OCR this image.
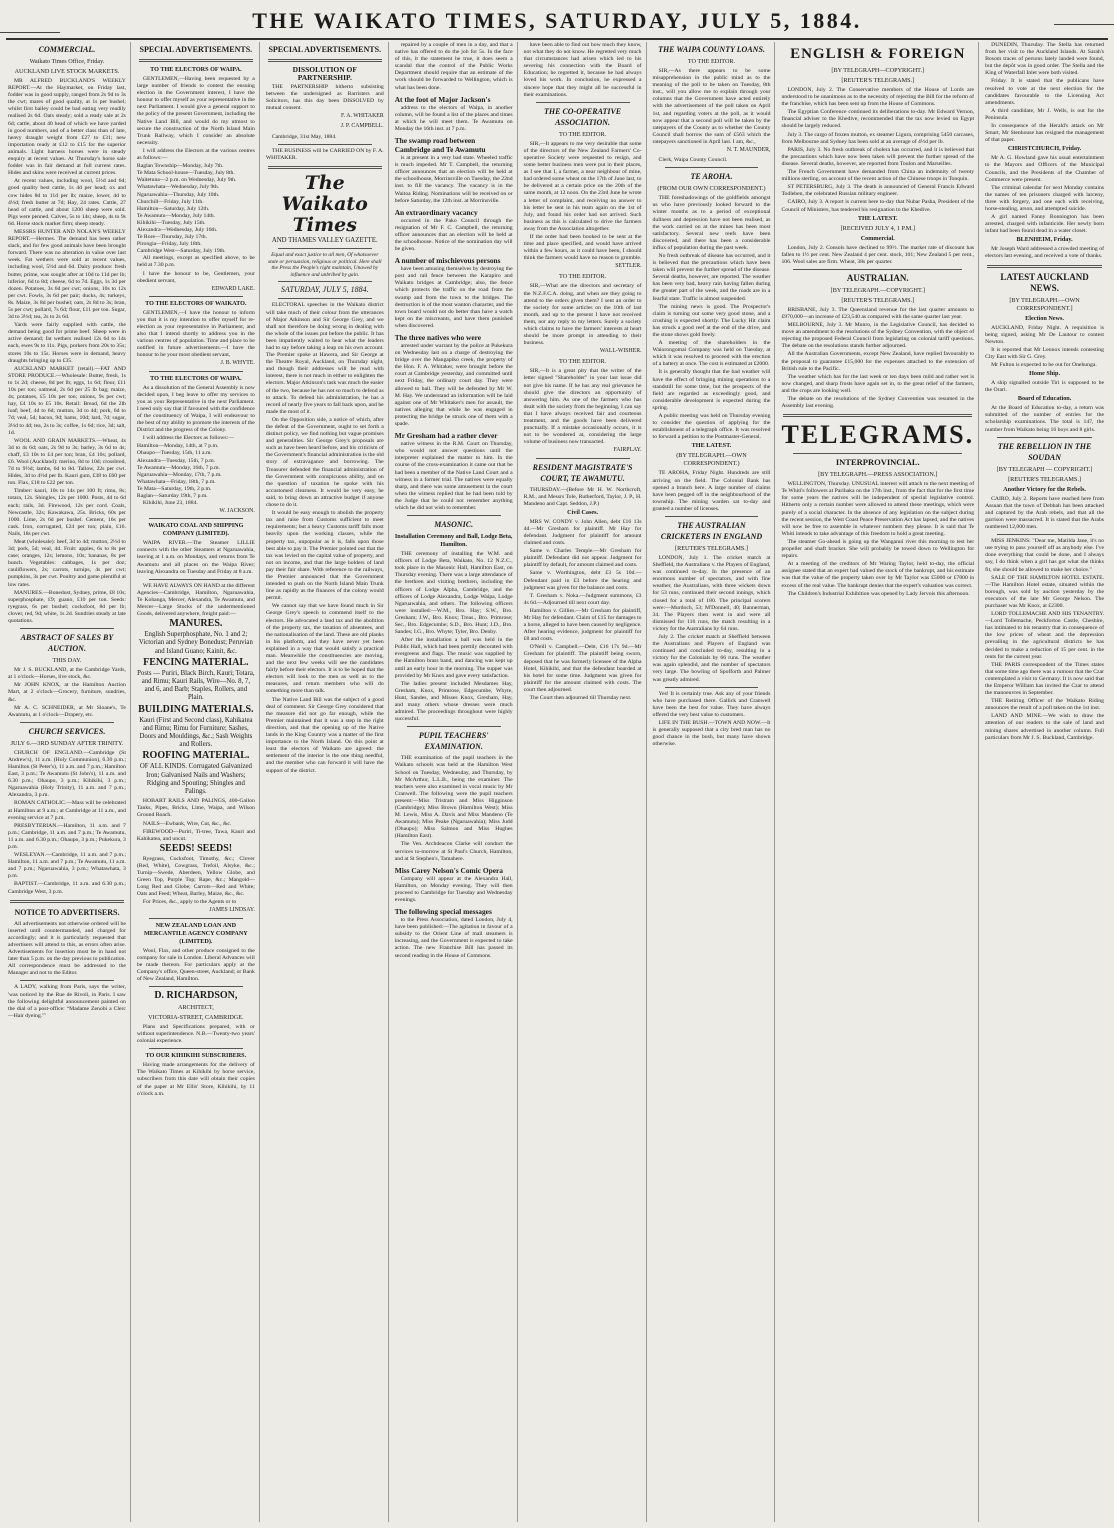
THE WAIKATO TIMES, SATURDAY, JULY 5, 1884.
COMMERCIAL.
Waikato Times Office, Friday.
AUCKLAND LIVE STOCK MARKETS.
MR ALFRED BUCKLAND'S WEEKLY REPORT.—At the Haymarket, on Friday last, fodder was in good supply, ranged from 2s 9d to 3s the cwt; mares of good quality, at 1s per bushel; whilst first bailey could be bad eating very readily realised 2s 6d. Oats steady; sold a ready sale at 2s 6d; cattle, about 40 head of which we have yarded in good numbers, and of a better class than of late, heavy draught weight from £27 to £31; new importation ready at £12 to £15 for the superior animals. Light harness horses were in steady enquiry at recent values. At Thursday's horse sale fodder was in fair demand at full current rates. Hides and skins were received at current prices.
At recent values, including wool, 5½d and 6d; good quality best cattle, 1s 4d per head; ox and cow hides 8d to 11d per lb; maize, lower, 4d to 4½d; fresh butter at 7d; Hay, 24 rates. Cattle, 27 head of cattle, and about 1200 sheep were sold. Pigs were penned. Calves, 5s to 14s; sheep, 4s to 9s 6d. Horse stock market firm; sheep steady.
MESSRS HUNTER AND NOLAN'S WEEKLY REPORT.—Hermes. The demand has been rather slack, and for few good animals have been brought forward. There was no alteration in value over last week. Fat wethers were sold at recent values, including wool, 5½d and 6d. Dairy produce: fresh butter, prime, was sought after at 10d to 11d per lb; inferior, 6d to 8d; cheese, 6d to 7d. Eggs, 1s 3d per dozen. Potatoes, 3s 6d per cwt; onions, 10s to 12s per cwt. Fowls, 3s 6d per pair; ducks, 4s; turkeys, 8s. Maize, 3s 8d per bushel; oats, 2s 8d to 3s; bran, 5s per cwt; pollard, 7s 6d; flour, £11 per ton. Sugar, 3d to 3½d; tea, 2s to 2s 6d.
Yards were fairly supplied with cattle, the demand being good for prime beef. Sheep were in active demand; fat wethers realised 12s 6d to 14s each, ewes 9s to 11s. Pigs, porkers from 20s to 35s; stores 10s to 15s. Horses were in demand, heavy draughts bringing up to £35.
AUCKLAND MARKET (retail).—FAT AND STORE PRODUCE.—Wholesale: Butter, fresh, 1s to 1s 2d; cheese, 8d per lb; eggs, 1s 6d; flour, £11 10s per ton; oatmeal, 2s 6d per 25 lb bag; maize, 4s; potatoes, £5 10s per ton; onions, 9s per cwt; hay, £4 10s to £5 10s. Retail: Bread, 6d the 2lb loaf; beef, 4d to 6d; mutton, 3d to 4d; pork, 6d to 7d; veal, 5d; bacon, 9d; hams, 10d; lard, 7d; sugar, 3½d to 4d; tea, 2s to 3s; coffee, 1s 6d; rice, 3d; salt, 1d.
WOOL AND GRAIN MARKETS.—Wheat, 4s 3d to 4s 6d; oats, 2s 9d to 3s; barley, 3s 6d to 4s; chaff, £3 10s to £4 per ton; bran, £4 10s; pollard, £6. Wool (Auckland): merino, 8d to 10d; crossbred, 7d to 9½d; lambs, 6d to 8d. Tallow, 22s per cwt. Hides, 3d to 4½d per lb. Kauri gum, £38 to £60 per ton. Flax, £18 to £22 per ton.
Timber: kauri, 10s to 14s per 100 ft; rimu, 8s; totara, 12s. Shingles, 12s per 1000. Posts, 4d to 6d each; rails, 3d. Firewood, 12s per cord. Coals, Newcastle, 32s; Kawakawa, 25s. Bricks, 60s per 1000. Lime, 2s 6d per bushel. Cement, 16s per cask. Iron, corrugated, £24 per ton; plain, £16. Nails, 18s per cwt.
Meat (wholesale): beef, 3d to 4d; mutton, 2½d to 3d; pork, 5d; veal, 4d. Fruit: apples, 6s to 8s per case; oranges, 12s; lemons, 10s; bananas, 8s per bunch. Vegetables: cabbages, 1s per doz; cauliflowers, 2s; carrots, turnips, 4s per cwt; pumpkins, 3s per cwt. Poultry and game plentiful at low rates.
MANURES.—Bonedust, Sydney, prime, £8 10s; superphosphate, £9; guano, £10 per ton. Seeds: ryegrass, 6s per bushel; cocksfoot, 8d per lb; clover, red, 9d; white, 1s 2d. Sundries steady at late quotations.
ABSTRACT OF SALES BY AUCTION.
THIS DAY.
Mr J. S. BUCKLAND, at the Cambridge Yards, at 1 o'clock—Horses, live stock, &c.
Mr JOHN KNOX, at the Hamilton Auction Mart, at 2 o'clock—Grocery, furniture, sundries, &c.
Mr A. C. SCHNEIDER, at Mr Sloane's, Te Awamutu, at 1 o'clock—Drapery, etc.
CHURCH SERVICES.
JULY 6.—3RD SUNDAY AFTER TRINITY.
CHURCH OF ENGLAND.—Cambridge (St Andrew's), 11 a.m. (Holy Communion), 6.30 p.m.; Hamilton (St Peter's), 11 a.m. and 7 p.m.; Hamilton East, 3 p.m.; Te Awamutu (St John's), 11 a.m. and 6.30 p.m.; Ohaupo, 3 p.m.; Kihikihi, 3 p.m.; Ngaruawahia (Holy Trinity), 11 a.m. and 7 p.m.; Alexandra, 3 p.m.
ROMAN CATHOLIC.—Mass will be celebrated at Hamilton at 9 a.m.; at Cambridge at 11 a.m., and evening service at 7 p.m.
PRESBYTERIAN.—Hamilton, 11 a.m. and 7 p.m.; Cambridge, 11 a.m. and 7 p.m.; Te Awamutu, 11 a.m. and 6.30 p.m.; Ohaupo, 3 p.m.; Pukekura, 3 p.m.
WESLEYAN.—Cambridge, 11 a.m. and 7 p.m.; Hamilton, 11 a.m. and 7 p.m.; Te Awamutu, 11 a.m. and 7 p.m.; Ngaruawahia, 3 p.m.; Whatawhata, 3 p.m.
BAPTIST.—Cambridge, 11 a.m. and 6.30 p.m.; Cambridge West, 3 p.m.
NOTICE TO ADVERTISERS.
All advertisements not otherwise ordered will be inserted until countermanded, and charged for accordingly; and it is particularly requested that advertisers will attend to this, as errors often arise. Advertisements for insertion must be in hand not later than 5 p.m. on the day previous to publication. All correspondence must be addressed to the Manager and not to the Editor.
A LADY, walking from Paris, says the writer, 'was noticed by the Rue de Rivoli, in Paris. I saw the following delightful announcement painted on the dial of a post-office: “Madame Zenobi a Clerc—Hair dyeing.”'
SPECIAL ADVERTISEMENTS.
TO THE ELECTORS OF WAIPA.
GENTLEMEN,—Having been requested by a large number of friends to contest the ensuing election in the Government interest, I have the honour to offer myself as your representative in the next Parliament. I would give a general support to the policy of the present Government, including the Native Land Bill, and would do my utmost to secure the construction of the North Island Main Trunk Railway, which I consider an absolute necessity.
I will address the Electors at the various centres as follows:—
Raglan Township—Monday, July 7th.
Te Mata School-house—Tuesday, July 8th.
Waitetuna—2 p.m. on Wednesday, July 9th.
Whatawhata—Wednesday, July 9th.
Ngaruawahia—Thursday, July 10th.
Churchill—Friday, July 11th.
Hamilton—Saturday, July 12th.
Te Awamutu—Monday, July 14th.
Kihikihi—Tuesday, July 15th.
Alexandra—Wednesday, July 16th.
Te Rore—Thursday, July 17th.
Pirongia—Friday, July 18th.
Cambridge West—Saturday, July 19th.
All meetings, except as specified above, to be held at 7.30 p.m.
I have the honour to be, Gentlemen, your obedient servant,
EDWARD LAKE.
TO THE ELECTORS OF WAIKATO.
GENTLEMEN,—I have the honour to inform you that it is my intention to offer myself for re-election as your representative in Parliament, and also that I intend shortly to address you in the various centres of population. Time and place to be notified in future advertisements.—I have the honour to be your most obedient servant,
J. B. WHYTE.
TO THE ELECTORS OF WAIPA.
As a dissolution of the General Assembly is now decided upon, I beg leave to offer my services to you as your Representative in the next Parliament. I need only say that if favoured with the confidence of the constituency of Waipa, I will endeavour to the best of my ability to promote the interests of the District and the progress of the Colony.
I will address the Electors as follows:—
Hamilton—Monday, 14th, at 7 p.m.
Ohaupo—Tuesday, 15th, 11 a.m.
Alexandra—Tuesday, 15th, 7 p.m.
Te Awamutu—Monday, 16th, 7 p.m.
Ngaruawahia—Monday, 17th, 7 p.m.
Whatawhata—Friday, 18th, 7 p.m.
Te Mata—Saturday, 19th, 2 p.m.
Raglan—Saturday 19th, 7 p.m.
Kihikihi, June 23, 1884.
W. JACKSON.
WAIKATO COAL AND SHIPPING COMPANY (LIMITED).
WAIPA RIVER.—The Steamer LILLIE connects with the other Steamers at Ngaruawahia, leaving at 1 a.m. on Mondays, and returns from Te Awamutu and all places on the Waipa River; leaving Alexandra on Tuesday and Friday at 8 a.m.
WE HAVE ALWAYS ON HAND at the different Agencies—Cambridge, Hamilton, Ngaruawahia, Te Kohanga, Mercer, Alexandra, Te Awamutu, and Mercer—Large Stocks of the undermentioned Goods, delivered anywhere, freight paid:—
MANURES.
English Superphosphate, No. 1 and 2; Victorian and Sydney Bonedust; Peruvian and Island Guano; Kainit, &c.
FENCING MATERIAL.
Posts — Puriri, Black Birch, Kauri; Totara, and Rimu; Kauri Rails, Wire—No. 8, 7, and 6, and Barb; Staples, Rollers, and Plain.
BUILDING MATERIALS.
Kauri (First and Second class), Kahikatea and Rimu; Rimu for Furniture; Sashes, Doors and Mouldings, &c.; Sash Weights and Rollers.
ROOFING MATERIAL.
OF ALL KINDS. Corrugated Galvanized Iron; Galvanised Nails and Washers; Ridging and Spouting; Shingles and Palings.
HOBART RAILS AND PALINGS, 400-Gallon Tanks, Pipes, Bricks, Lime, Waipa, and Wilson Ground Roach.
NAILS—Ewbank, Wire, Cut, &c., &c.
FIREWOOD—Puriri, Ti-tree, Tawa, Kauri and Kahikatea, and uncut.
SEEDS! SEEDS!
Ryegrass, Cocksfoot, Timothy, &c.; Clover (Red, White), Cowgrass, Trefoil, Alsyke, &c.; Turnip—Swede, Aberdeen, Yellow Globe, and Green Top, Purple Top; Rape, &c.; Mangold—Long Red and Globe; Carrots—Red and White; Oats and Feed; Wheat, Barley, Maize, &c., &c.
For Prices, &c., apply to the Agents or to
JAMES LINDSAY.
NEW ZEALAND LOAN AND MERCANTILE AGENCY COMPANY (LIMITED).
Wool, Flax, and other produce consigned to the company for sale in London. Liberal Advances will be made thereon. For particulars apply at the Company's office, Queen-street, Auckland; or Bank of New Zealand, Hamilton.
D. RICHARDSON,
ARCHITECT,
VICTORIA-STREET, CAMBRIDGE.
Plans and Specifications prepared, with or without superintendence. N.B.—Twenty-two years' colonial experience.
TO OUR KIHIKIHI SUBSCRIBERS.
Having made arrangements for the delivery of The Waikato Times at Kihikihi by horse service, subscribers from this date will obtain their copies of the paper at Mr Ellis' Store, Kihikihi, by 11 o'clock a.m.
SPECIAL ADVERTISEMENTS.
DISSOLUTION OF PARTNERSHIP.
THE PARTNERSHIP hitherto subsisting between the undersigned as Barristers and Solicitors, has this day been DISSOLVED by mutual consent.
F. A. WHITAKER
J. P. CAMPBELL.
Cambridge, 31st May, 1884.
THE BUSINESS will be CARRIED ON by F. A. WHITAKER.
The Waikato Times
AND THAMES VALLEY GAZETTE.
Equal and exact justice to all men, Of whatsoever state or persuasion, religious or political. Here shall the Press the People's right maintain, Unawed by influence and unbribed by gain.
SATURDAY, JULY 5, 1884.
ELECTORAL speeches in the Waikato district will take much of their colour from the utterances of Major Atkinson and Sir George Grey, and we shall not therefore be doing wrong in dealing with the whole of the issues put before the public. It has been impatiently waited to hear what the leaders had to say before taking a leap on his own account. The Premier spoke at Hawera, and Sir George at the Theatre Royal, Auckland, on Thursday night, and though their addresses will be read with interest, there is not much in either to enlighten the electors. Major Atkinson's task was much the easier of the two, because he has not so much to defend as to attack. To defend his administration, he has a record of nearly five years to fall back upon, and he made the most of it.
On the Opposition side, a notice of which, after the defeat of the Government, ought to set forth a distinct policy, we find nothing but vague promises and generalities. Sir George Grey's proposals are such as have been heard before, and his criticism of the Government's financial administration is the old story of extravagance and borrowing. The Treasurer defended the financial administration of the Government with conspicuous ability, and on the question of taxation he spoke with his accustomed clearness. It would be very easy, he said, to bring down an attractive budget if anyone chose to do it.
It would be easy enough to abolish the property tax and raise from Customs sufficient to meet requirements; but a heavy Customs tariff falls most heavily upon the working classes, while the property tax, unpopular as it is, falls upon those best able to pay it. The Premier pointed out that the tax was levied on the capital value of property, and not on income, and that the large holders of land pay their fair share. With reference to the railways, the Premier announced that the Government intended to push on the North Island Main Trunk line as rapidly as the finances of the colony would permit.
We cannot say that we have found much in Sir George Grey's speech to commend itself to the electors. He advocated a land tax and the abolition of the property tax, the taxation of absentees, and the nationalisation of the land. These are old planks in his platform, and they have never yet been explained in a way that would satisfy a practical man. Meanwhile the constituencies are moving, and the next few weeks will see the candidates fairly before their electors. It is to be hoped that the electors will look to the men as well as to the measures, and return members who will do something more than talk.
The Native Land Bill was the subject of a good deal of comment. Sir George Grey considered that the measure did not go far enough, while the Premier maintained that it was a step in the right direction, and that the opening up of the Native lands in the King Country was a matter of the first importance to the North Island. On this point at least the electors of Waikato are agreed: the settlement of the interior is the one thing needful, and the member who can forward it will have the support of the district.
repaired by a couple of men in a day, and that a native has offered to do the job for 5s. In the face of this, it the statement be true, it does seem a scandal that the control of the Public Works Department should require that an estimate of the work should be forwarded to Wellington, which is what has been done.
At the foot of Major Jackson's
address to the electors of Waipa, in another column, will be found a list of the places and times at which he will meet them. Te Awamutu on Monday the 16th inst. at 7 p.m.
The swamp road between Cambridge and Te Awamutu
is at present in a very bad state. Wheeled traffic is much impeded. Mr T. Campbell, the returning officer announces that an election will be held at the schoolhouse, Morrinsville on Tuesday, the 22nd inst. to fill the vacancy. The vacancy is in the Waitoa Riding. Nominations will be received on or before Saturday, the 12th inst. at Morrinsville.
An extraordinary vacancy
occurred in the Pako Council through the resignation of Mr F. C. Campbell, the returning officer announces that an election will be held at the schoolhouse. Notice of the nomination day will be given.
A number of mischievous persons
have been amusing themselves by destroying the post and rail fence between the Karapiro and Waikato bridges at Cambridge; also, the fence which protects the traffic on the road from the swamp and from the town to the bridges. The destruction is of the most wanton character, and the town board would not do better than have a watch kept on the miscreants, and have them punished when discovered.
The three natives who were
arrested under warrant by the police at Pukekura on Wednesday last on a charge of destroying the bridge over the Mangapiko creek, the property of the Hon. F. A. Whitaker, were brought before the court at Cambridge yesterday, and committed until next Friday, the ordinary court day. They were allowed to bail. They will be defended by Mr W. M. Hay. We understand an information will be laid against one of Mr Whitaker's men for assault, the natives alleging that while he was engaged in protecting the bridge he struck one of them with a spade.
Mr Gresham had a rather clever
native witness in the R.M. Court on Thursday, who would not answer questions until the interpreter explained the matter to him. In the course of the cross-examination it came out that he had been a member of the Native Land Court and a witness in a former trial. The natives were equally sharp, and there was some amusement in the court when the witness replied that he had been told by the Judge that he could not remember anything which he did not wish to remember.
MASONIC.
Installation Ceremony and Ball, Lodge Beta, Hamilton.
THE ceremony of installing the W.M. and officers of Lodge Beta, Waikato, No. 12 N.Z.C., took place in the Masonic Hall, Hamilton East, on Thursday evening. There was a large attendance of the brethren and visiting brethren, including the officers of Lodge Alpha, Cambridge, and the officers of Lodge Alexandra, Lodge Waipa, Lodge Ngaruawahia, and others. The following officers were installed:—W.M., Bro. Hay; S.W., Bro. Gresham; J.W., Bro. Knox; Treas., Bro. Primrose; Sec., Bro. Edgecumbe; S.D., Bro. Hunt; J.D., Bro. Sandes; I.G., Bro. Whyte; Tyler, Bro. Denby.
After the installation a ball was held in the Public Hall, which had been prettily decorated with evergreens and flags. The music was supplied by the Hamilton brass band, and dancing was kept up until an early hour in the morning. The supper was provided by Mr Knox and gave every satisfaction.
The ladies present included Mesdames Hay, Gresham, Knox, Primrose, Edgecumbe, Whyte, Hunt, Sandes, and Misses Knox, Gresham, Hay, and many others whose dresses were much admired. The proceedings throughout were highly successful.
PUPIL TEACHERS' EXAMINATION.
THE examination of the pupil teachers in the Waikato schools was held at the Hamilton West School on Tuesday, Wednesday, and Thursday, by Mr McArthur, L.L.B., being the examiner. The teachers were also examined in vocal music by Mr Cranwell. The following were the pupil teachers present:—Miss Tristram and Miss Higginson (Cambridge); Miss Brown (Hamilton West); Miss M. Lewis, Miss A. Davis and Miss Mandeno (Te Awamutu); Miss Peake (Ngaruawahia); Miss Judd (Ohaupo); Miss Salmon and Miss Hughes (Hamilton East).
The Ven. Archdeacon Clarke will conduct the services to-morrow at St Paul's Church, Hamilton, and at St Stephen's, Tamahere.
Miss Carey Nelson's Comic Opera
Company will appear at the Alexandra Hall, Hamilton, on Monday evening. They will then proceed to Cambridge for Tuesday and Wednesday evenings.
The following special messages
to the Press Association, dated London, July 4, have been published:—The agitation in favour of a subsidy to the Orient Line of mail steamers is increasing, and the Government is expected to take action. The new Franchise Bill has passed its second reading in the House of Commons.
have been able to find out how much they know, not what they do not know. He regretted very much that circumstances had arisen which led to his severing his connection with the Board of Education; he regretted it, because he had always loved his work. In conclusion, he expressed a sincere hope that they might all be successful in their examinations.
THE CO-OPERATIVE ASSOCIATION.
TO THE EDITOR.
SIR,—It appears to me very desirable that some of the directors of the New Zealand Farmers' Co-operative Society were requested to resign, and some better business men were put in their places, as I see that I, a farmer, a near neighbour of mine, had ordered some wheat on the 17th of June last, to be delivered at a certain price on the 20th of the same month, at 12 noon. On the 23rd June he wrote a letter of complaint, and receiving no answer to his letter he sent in his team again on the 1st of July, and found his order had not arrived. Such business as this is calculated to drive the farmers away from the Association altogether.
If the order had been booked to be sent at the time and place specified, and would have arrived within a few hours, as it could have been, I should think the farmers would have no reason to grumble.
SETTLER.
TO THE EDITOR.
SIR,—What are the directors and secretary of the N.Z.F.C.A. doing, and when are they going to attend to the orders given them? I sent an order to the society for some articles on the 10th of last month, and up to the present I have not received them, nor any reply to my letters. Surely a society which claims to have the farmers' interests at heart should be more prompt in attending to their business.
WALL-WISHER.
TO THE EDITOR.
SIR,—It is a great pity that the writer of the letter signed "Shareholder" in your last issue did not give his name. If he has any real grievance he should give the directors an opportunity of answering him. As one of the farmers who has dealt with the society from the beginning, I can say that I have always received fair and courteous treatment, and the goods have been delivered punctually. If a mistake occasionally occurs, it is not to be wondered at, considering the large volume of business now transacted.
FAIRPLAY.
RESIDENT MAGISTRATE'S COURT, TE AWAMUTU.
THURSDAY.—(Before Mr H. W. Northcroft, R.M., and Messrs Tole, Rutherford, Taylor, J. P., H. Mandeno and Capt. Seddon, J.P.)
Civil Cases.
MRS W. CONDY v. John Allen, debt £16 13s 4d.—Mr Gresham for plaintiff. Mr Hay for defendant. Judgment for plaintiff for amount claimed and costs.
Same v. Charles Temple.—Mr Gresham for plaintiff. Defendant did not appear. Judgment for plaintiff by default, for amount claimed and costs.
Same v. Worthington, debt £3 5s 10d.—Defendant paid in £3 before the hearing and judgment was given for the balance and costs.
T. Gresham v. Noka.—Judgment summons, £3 4s 6d.—Adjourned till next court day.
Hamilton v. Gillies.—Mr Gresham for plaintiff, Mr Hay for defendant. Claim of £15 for damages to a horse, alleged to have been caused by negligence. After hearing evidence, judgment for plaintiff for £8 and costs.
O'Neill v. Campbell.—Debt, £16 17s 9d.—Mr Gresham for plaintiff. The plaintiff being sworn, deposed that he was formerly licensee of the Alpha Hotel, Kihikihi, and that the defendant boarded at his hotel for some time. Judgment was given for plaintiff for the amount claimed with costs. The court then adjourned.
The Court then adjourned till Thursday next.
THE WAIPA COUNTY LOANS.
TO THE EDITOR.
SIR,—As there appears to be some misapprehension in the public mind as to the meaning of the poll to be taken on Tuesday, 8th inst., will you allow me to explain through your columns that the Government have acted entirely with the advertisement of the poll taken on April 1st, and regarding voters at the poll, as it would now appear that a second poll will be taken by the ratepayers of the County as to whether the County Council shall borrow the sum of £563 which the ratepayers sanctioned in April last. I am, &c.,
N. T. MAUNDER,
Clerk, Waipa County Council.
TE AROHA.
(FROM OUR OWN CORRESPONDENT.)
THE foreshadowings of the goldfields amongst us who have previously looked forward to the winter months as to a period of exceptional dullness and depression have not been realised, as the work carried on at the mines has been most satisfactory. Several new reefs have been discovered, and there has been a considerable influx of population during the past week.
No fresh outbreak of disease has occurred, and it is believed that the precautions which have been taken will prevent the further spread of the disease. Several deaths, however, are reported. The weather has been very bad, heavy rain having fallen during the greater part of the week, and the roads are in a fearful state. Traffic is almost suspended.
The mining news is good. The Prospector's claim is turning out some very good stone, and a crushing is expected shortly. The Lucky Hit claim has struck a good reef at the end of the drive, and the stone shows gold freely.
A meeting of the shareholders in the Waiorongomai Company was held on Tuesday, at which it was resolved to proceed with the erection of a battery at once. The cost is estimated at £2000.
It is generally thought that the bad weather will have the effect of bringing mining operations to a standstill for some time, but the prospects of the field are regarded as exceedingly good, and considerable development is expected during the spring.
A public meeting was held on Thursday evening to consider the question of applying for the establishment of a telegraph office. It was resolved to forward a petition to the Postmaster-General.
THE LATEST.
(BY TELEGRAPH.—OWN CORRESPONDENT.)
TE AROHA, Friday Night. Hundreds are still arriving on the field. The Colonial Bank has opened a branch here. A large number of claims have been pegged off in the neighbourhood of the township. The mining warden sat to-day and granted a number of licenses.
THE AUSTRALIAN CRICKETERS IN ENGLAND
[REUTER'S TELEGRAMS.]
LONDON, July 1. The cricket match at Sheffield, the Australians v. the Players of England, was continued to-day. In the presence of an enormous number of spectators, and with fine weather, the Australians, with three wickets down for 53 runs, continued their second innings, which closed for a total of 180. The principal scorers were:—Murdoch, 53; M'Donnell, 40; Bannerman, 34. The Players then went in and were all dismissed for 116 runs, the match resulting in a victory for the Australians by 64 runs.
July 2. The cricket match at Sheffield between the Australians and Players of England was continued and concluded to-day, resulting in a victory for the Colonials by 66 runs. The weather was again splendid, and the number of spectators very large. The bowling of Spofforth and Palmer was greatly admired.
Yes! It is certainly true. Ask any of your friends who have purchased there. Gallick and Cranwell have been the best for value. They have always offered the very best value to customers.
LIFE IN THE BUSH.—TOWN AND NOW.—It is generally supposed that a city bred man has no good chance in the bush, but many have shown otherwise.
ENGLISH & FOREIGN
[BY TELEGRAPH—COPYRIGHT.]
[REUTER'S TELEGRAMS.]
LONDON, July 2. The Conservative members of the House of Lords are understood to be unanimous as to the necessity of rejecting the Bill for the reform of the franchise, which has been sent up from the House of Commons.
The Egyptian Conference continued its deliberations to-day. Mr Edward Vernon, financial adviser to the Khedive, recommended that the tax now levied on Egypt should be largely reduced.
July 3. The cargo of frozen mutton, ex steamer Ligura, comprising 5450 carcases, from Melbourne and Sydney has been sold at an average of 4½d per lb.
PARIS, July 3. No fresh outbreak of cholera has occurred, and it is believed that the precautions which have now been taken will prevent the further spread of the disease. Several deaths, however, are reported from Toulon and Marseilles.
The French Government have demanded from China an indemnity of twenty millions sterling, on account of the recent action of the Chinese troops in Tonquin.
ST PETERSBURG, July 3. The death is announced of General Francis Edward Todleben, the celebrated Russian military engineer.
CAIRO, July 3. A report is current here to-day that Nubar Pasha, President of the Council of Ministers, has tendered his resignation to the Khedive.
THE LATEST.
[RECEIVED JULY 4, 1 P.M.]
Commercial.
London, July 2. Consols have declined to 99½. The market rate of discount has fallen to 1½ per cent. New Zealand 4 per cent. stock, 101; New Zealand 5 per cent., 106. Wool sales are firm. Wheat, 38s per quarter.
AUSTRALIAN.
[BY TELEGRAPH.—COPYRIGHT.]
[REUTER'S TELEGRAMS.]
BRISBANE, July 3. The Queensland revenue for the last quarter amounts to £970,000—an increase of £23,540 as compared with the same quarter last year.
MELBOURNE, July 3. Mr Munro, in the Legislative Council, has decided to move an amendment to the resolutions of the Sydney Convention, with the object of rejecting the proposed Federal Council from legislating on colonial tariff questions. The debate on the resolutions stands further adjourned.
All the Australian Governments, except New Zealand, have replied favourably to the proposal to guarantee £15,000 for the expenses attached to the extension of British rule to the Pacific.
The weather which has for the last week or ten days been mild and rather wet is now changed, and sharp frosts have again set in, to the great relief of the farmers, and the crops are looking well.
The debate on the resolutions of the Sydney Convention was resumed in the Assembly last evening.
TELEGRAMS.
INTERPROVINCIAL.
[BY TELEGRAPH.—PRESS ASSOCIATION.]
WELLINGTON, Thursday. UNUSUAL interest will attach to the next meeting of Te Whiti's followers at Parihaka on the 17th inst., from the fact that for the first time for some years the natives will be independent of special legislative control. Hitherto only a certain number were allowed to attend these meetings, which were purely of a social character. In the absence of any legislation on the subject during the recent session, the West Coast Peace Preservation Act has lapsed, and the natives will now be free to assemble in whatever numbers they please. It is said that Te Whiti intends to take advantage of this freedom to hold a great meeting.
The steamer Go-ahead is going up the Wanganui river this morning to test her propeller and shaft bracket. She will probably be towed down to Wellington for repairs.
At a meeting of the creditors of Mr Waring Taylor, held to-day, the official assignee stated that an expert had valued the stock of the bankrupt, and his estimate was that the value of the property taken over by Mr Taylor was £5000 or £7000 in excess of the real value. The bankrupt denies that the expert's valuation was correct.
The Children's Industrial Exhibition was opened by Lady Jervois this afternoon.
DUNEDIN, Thursday. The Stella has returned from her visit to the Auckland Islands. At Sarah's Bosom traces of persons lately landed were found, but the depôt was in good order. The Stella and the King of Waterfall Inlet were both visited.
Friday. It is stated that the publicans have resolved to vote at the next election for the candidates favourable to the Licensing Act amendments.
A third candidate, Mr J. Wells, is out for the Peninsula.
In consequence of the Herald's attack on Mr Smart, Mr Stenhouse has resigned the management of that paper.
CHRISTCHURCH, Friday.
Mr A. G. Howland gave his usual entertainment to the Mayors and Officers of the Municipal Councils, and the Presidents of the Chamber of Commerce were present.
The criminal calendar for next Monday contains the names of ten prisoners charged with larceny, three with forgery, and one each with receiving, horse-stealing, arson, and attempted suicide.
A girl named Fanny Bonnington has been arrested, charged with infanticide. Her newly born infant had been found dead in a water closet.
BLENHEIM, Friday.
Mr Joseph Ward addressed a crowded meeting of electors last evening, and received a vote of thanks.
LATEST AUCKLAND NEWS.
[BY TELEGRAPH.—OWN CORRESPONDENT.]
Election News.
AUCKLAND, Friday Night. A requisition is being signed, asking Mr De Lautour to contest Newton.
It is reported that Mr Lennox intends contesting City East with Sir G. Grey.
Mr Fulton is expected to be out for Onehunga.
Home Ship.
A ship signalled outside Tiri is supposed to be the Orari.
Board of Education.
At the Board of Education to-day, a return was submitted of the number of entries for the scholarship examinations. The total is 147, the number from Waikato being 16 boys and 8 girls.
THE REBELLION IN THE SOUDAN
[BY TELEGRAPH — COPYRIGHT.]
[REUTER'S TELEGRAMS.]
Another Victory for the Rebels.
CAIRO, July 2. Reports have reached here from Assuan that the town of Debbah has been attacked and captured by the Arab rebels, and that all the garrison were massacred. It is stated that the Arabs numbered 12,000 men.
MISS JENKINS: "Dear me, Matilda Jane, it's no use trying to pass yourself off as anybody else. I've done everything that could be done, and I always say, I do think when a girl has got what she thinks fit, she should be allowed to make her choice."
SALE OF THE HAMILTON HOTEL ESTATE.—The Hamilton Hotel estate, situated within the borough, was sold by auction yesterday by the executors of the late Mr George Nelson. The purchaser was Mr Knox, at £2300.
LORD TOLLEMACHE AND HIS TENANTRY.—Lord Tollemache, Peckforton Castle, Cheshire, has intimated to his tenantry that in consequence of the low prices of wheat and the depression prevailing in the agricultural districts he has decided to make a reduction of 15 per cent. in the rents for the current year.
THE PARIS correspondent of the Times states that some time ago there was a rumour that the Czar contemplated a visit to Germany. It is now said that the Emperor William has invited the Czar to attend the manoeuvres in September.
THE Retiring Officer of the Waikato Riding announces the result of a poll taken on the 1st inst.
LAND AND MINE.—We wish to draw the attention of our readers to the sale of land and mining shares advertised in another column. Full particulars from Mr J. S. Buckland, Cambridge.
